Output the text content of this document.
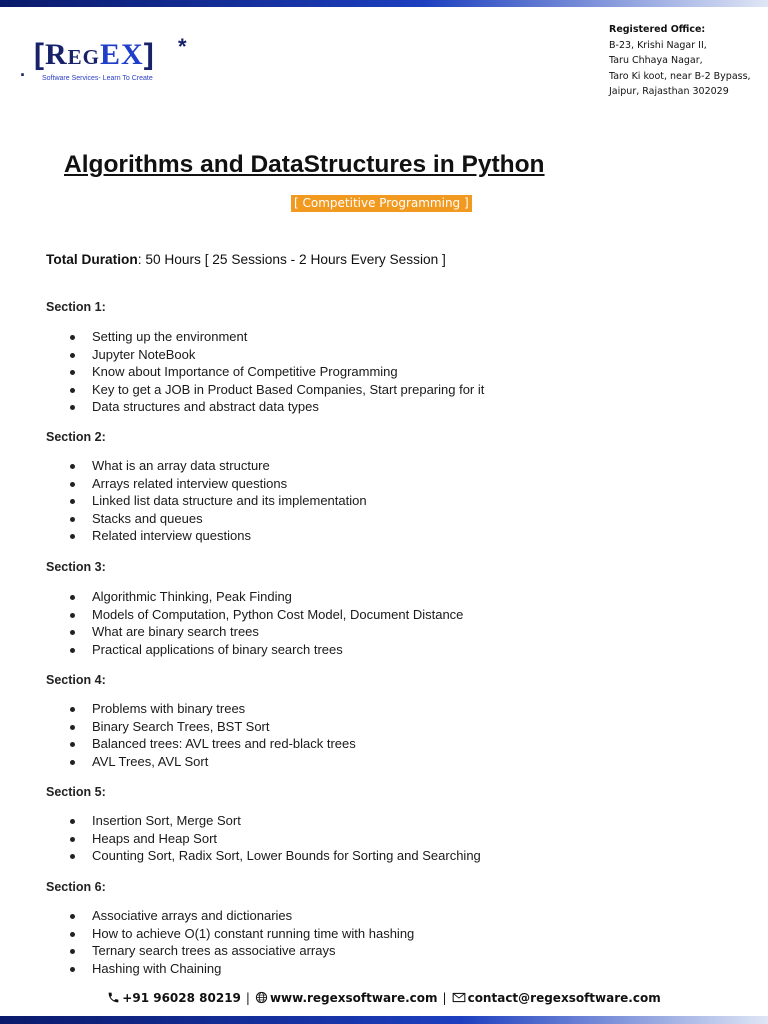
. [RegEX] *
Software Services- Learn To Create
Registered Office:
B-23, Krishi Nagar II,
Taru Chhaya Nagar,
Taro Ki koot, near B-2 Bypass,
Jaipur, Rajasthan 302029
Algorithms and DataStructures in Python
[ Competitive Programming ]
Total Duration: 50 Hours [ 25 Sessions - 2 Hours Every Session ]
Section 1:
Setting up the environment
Jupyter NoteBook
Know about Importance of Competitive Programming
Key to get a JOB in Product Based Companies, Start preparing for it
Data structures and abstract data types
Section 2:
What is an array data structure
Arrays related interview questions
Linked list data structure and its implementation
Stacks and queues
Related interview questions
Section 3:
Algorithmic Thinking, Peak Finding
Models of Computation, Python Cost Model, Document Distance
What are binary search trees
Practical applications of binary search trees
Section 4:
Problems with binary trees
Binary Search Trees, BST Sort
Balanced trees: AVL trees and red-black trees
AVL Trees, AVL Sort
Section 5:
Insertion Sort, Merge Sort
Heaps and Heap Sort
Counting Sort, Radix Sort, Lower Bounds for Sorting and Searching
Section 6:
Associative arrays and dictionaries
How to achieve O(1) constant running time with hashing
Ternary search trees as associative arrays
Hashing with Chaining
+91 96028 80219 | www.regexsoftware.com | contact@regexsoftware.com
